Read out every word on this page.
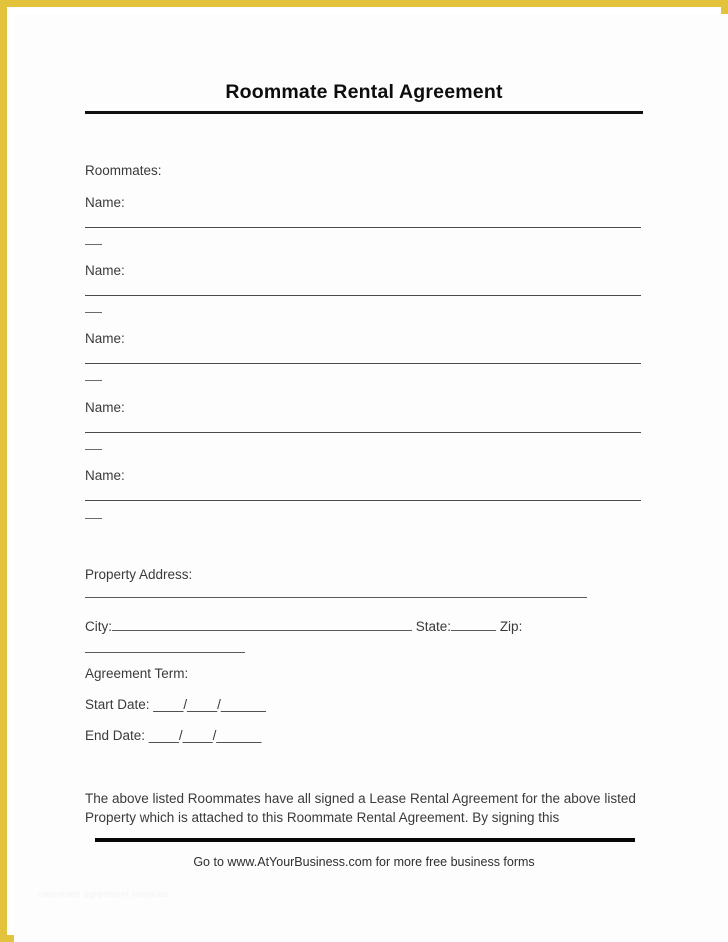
Roommate Rental Agreement
Roommates:
Name:
Name:
Name:
Name:
Name:
Property Address:
City:	State:	Zip:
Agreement Term:
Start Date: ____/____/______
End Date: ____/____/______
The above listed Roommates have all signed a Lease Rental Agreement for the above listed Property which is attached to this Roommate Rental Agreement. By signing this
Go to www.AtYourBusiness.com for more free business forms
roommate agreement template
